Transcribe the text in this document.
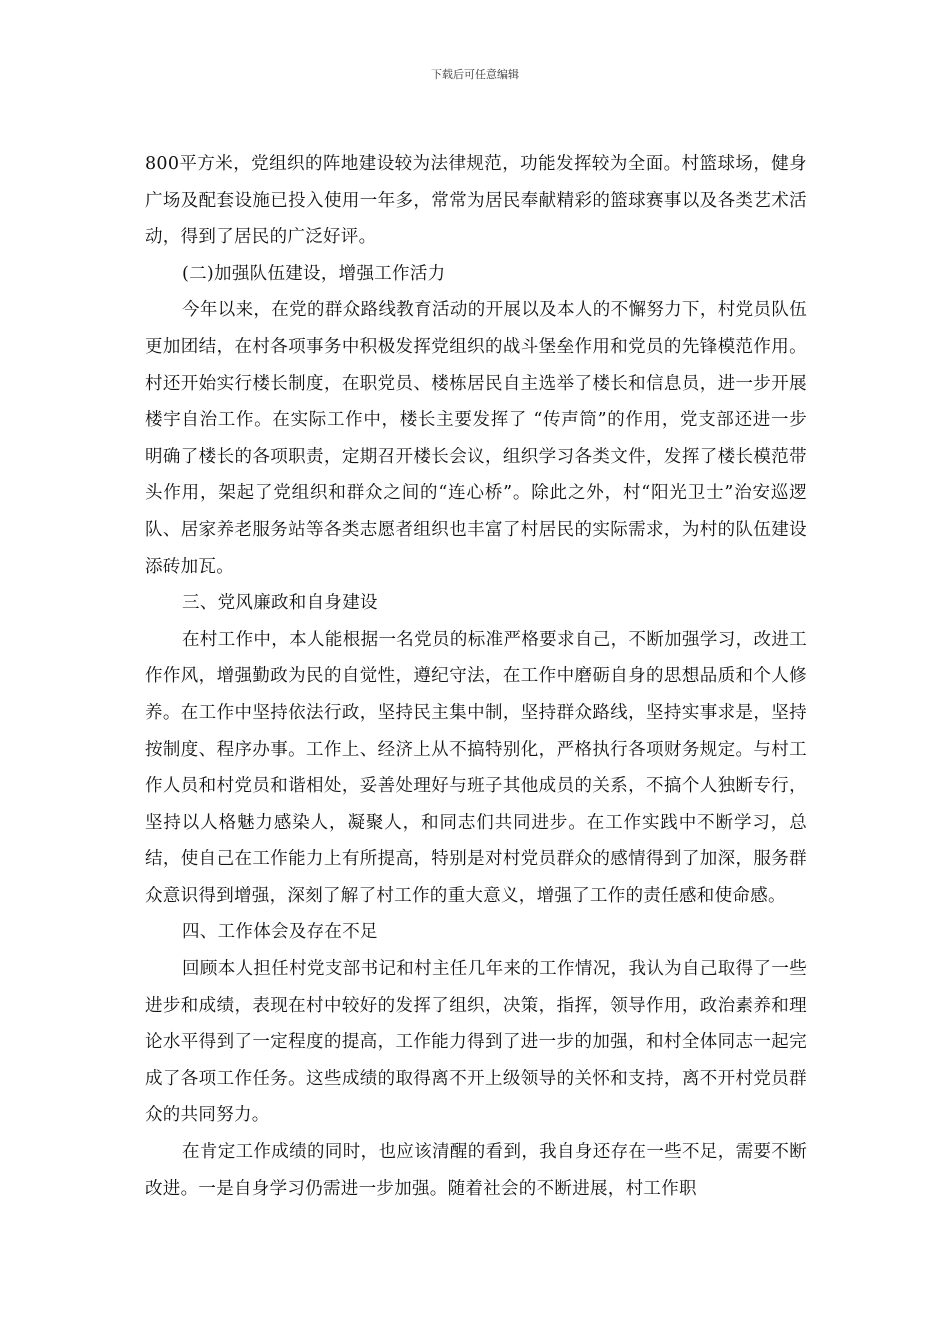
下载后可任意编辑

800平方米，党组织的阵地建设较为法律规范，功能发挥较为全面。村篮球场，健身广场及配套设施已投入使用一年多，常常为居民奉献精彩的篮球赛事以及各类艺术活动，得到了居民的广泛好评。

(二)加强队伍建设，增强工作活力

今年以来，在党的群众路线教育活动的开展以及本人的不懈努力下，村党员队伍更加团结，在村各项事务中积极发挥党组织的战斗堡垒作用和党员的先锋模范作用。村还开始实行楼长制度，在职党员、楼栋居民自主选举了楼长和信息员，进一步开展楼宇自治工作。在实际工作中，楼长主要发挥了 “传声筒”的作用，党支部还进一步明确了楼长的各项职责，定期召开楼长会议，组织学习各类文件，发挥了楼长模范带头作用，架起了党组织和群众之间的“连心桥”。除此之外，村“阳光卫士”治安巡逻队、居家养老服务站等各类志愿者组织也丰富了村居民的实际需求，为村的队伍建设添砖加瓦。

三、党风廉政和自身建设

在村工作中，本人能根据一名党员的标准严格要求自己，不断加强学习，改进工作作风，增强勤政为民的自觉性，遵纪守法，在工作中磨砺自身的思想品质和个人修养。在工作中坚持依法行政，坚持民主集中制，坚持群众路线，坚持实事求是，坚持按制度、程序办事。工作上、经济上从不搞特别化，严格执行各项财务规定。与村工作人员和村党员和谐相处，妥善处理好与班子其他成员的关系，不搞个人独断专行，坚持以人格魅力感染人，凝聚人，和同志们共同进步。在工作实践中不断学习，总结，使自己在工作能力上有所提高，特别是对村党员群众的感情得到了加深，服务群众意识得到增强，深刻了解了村工作的重大意义，增强了工作的责任感和使命感。

四、工作体会及存在不足

回顾本人担任村党支部书记和村主任几年来的工作情况，我认为自己取得了一些进步和成绩，表现在村中较好的发挥了组织，决策，指挥，领导作用，政治素养和理论水平得到了一定程度的提高，工作能力得到了进一步的加强，和村全体同志一起完成了各项工作任务。这些成绩的取得离不开上级领导的关怀和支持，离不开村党员群众的共同努力。

在肯定工作成绩的同时，也应该清醒的看到，我自身还存在一些不足，需要不断改进。一是自身学习仍需进一步加强。随着社会的不断进展，村工作职
